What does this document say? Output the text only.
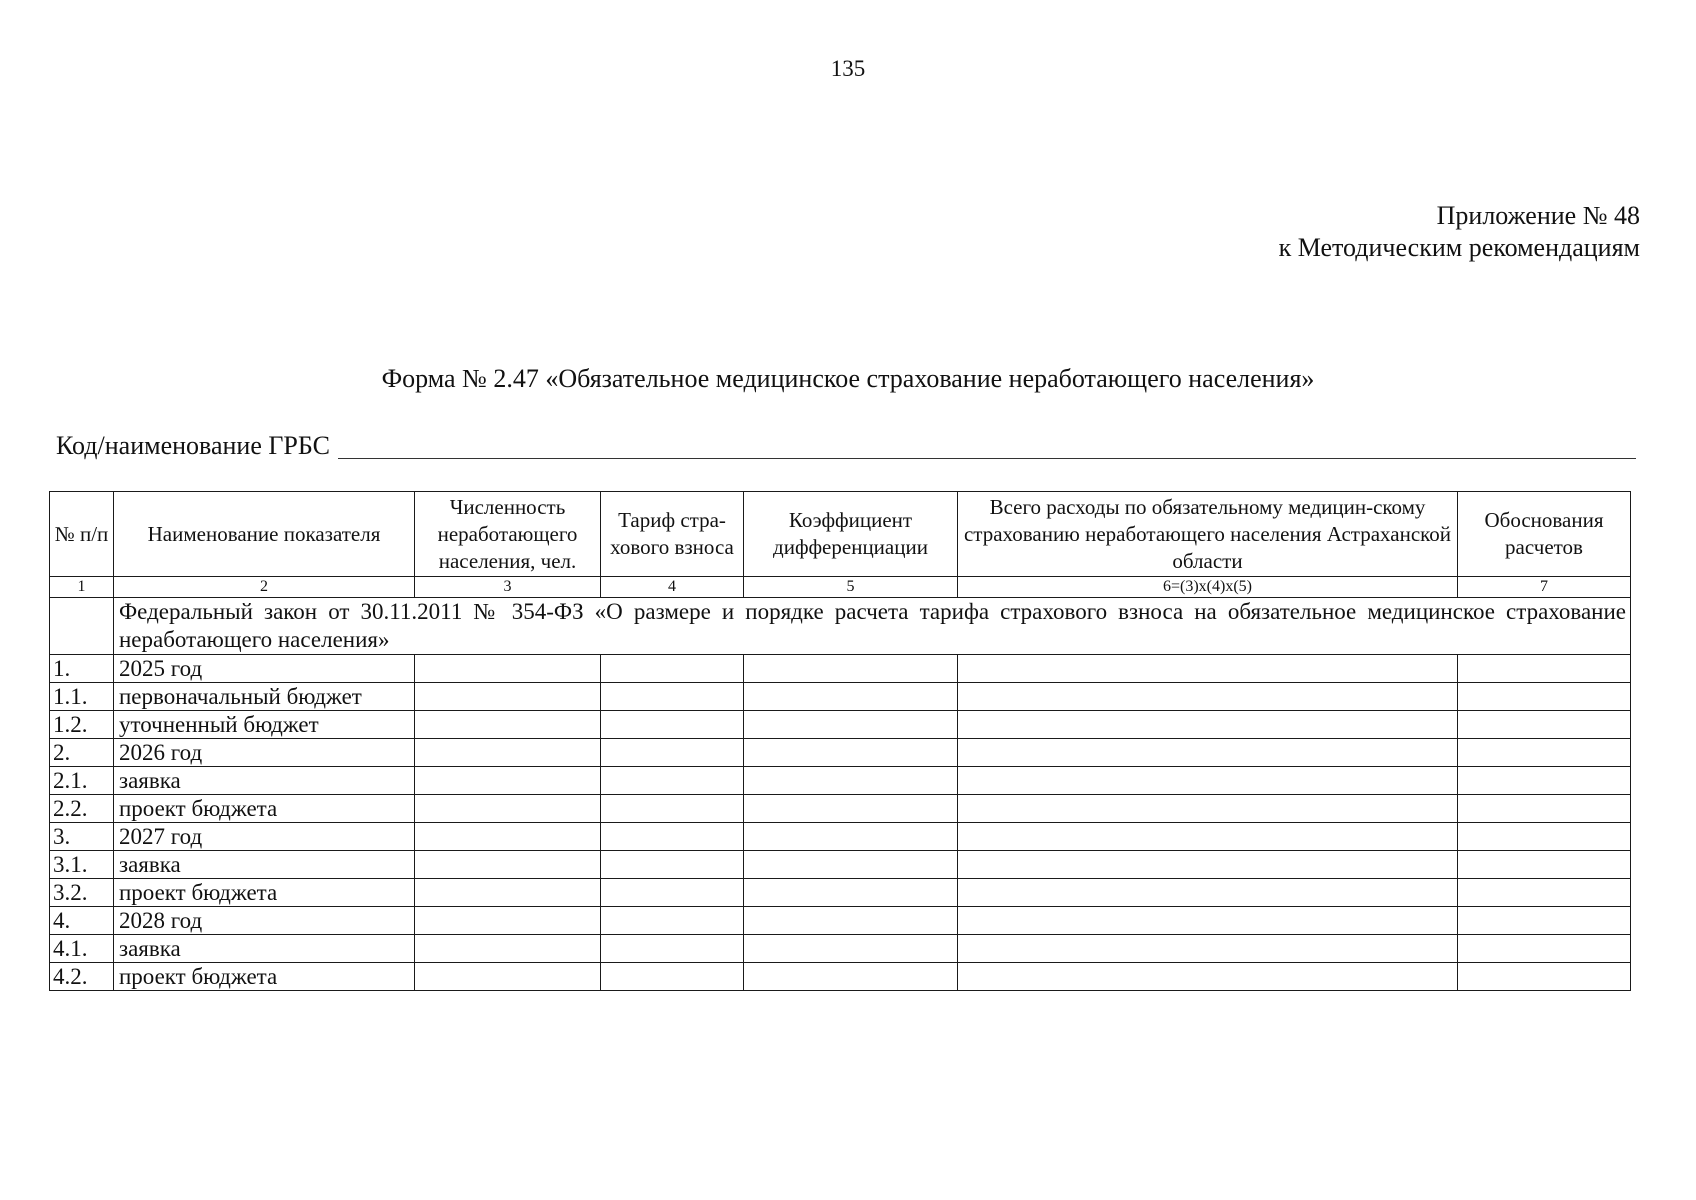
135
Приложение № 48
к Методическим рекомендациям
Форма № 2.47 «Обязательное медицинское страхование неработающего населения»
Код/наименование ГРБС
№ п/п	Наименование показателя	Численность неработающего населения, чел.	Тариф стра-хового взноса	Коэффициент дифференциации	Всего расходы по обязательному медицин-скому страхованию неработающего населения Астраханской области	Обоснования расчетов
1	2	3	4	5	6=(3)x(4)x(5)	7
	Федеральный закон от 30.11.2011 № 354-ФЗ «О размере и порядке расчета тарифа страхового взноса на обязательное медицинское страхование неработающего населения»					
1.	2025 год					
1.1.	первоначальный бюджет					
1.2.	уточненный бюджет					
2.	2026 год					
2.1.	заявка					
2.2.	проект бюджета					
3.	2027 год					
3.1.	заявка					
3.2.	проект бюджета					
4.	2028 год					
4.1.	заявка					
4.2.	проект бюджета					
